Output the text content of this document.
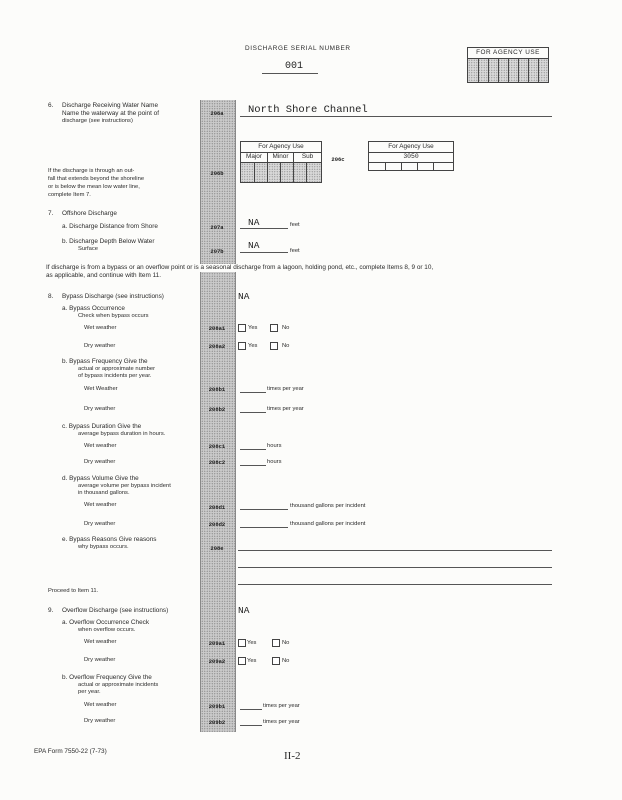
DISCHARGE SERIAL NUMBER
001
FOR AGENCY USE
6. Discharge Receiving Water Name
Name the waterway at the point of
discharge (see instructions)
206a	North Shore Channel
For Agency Use
Major	Minor	Sub	206c
For Agency Use
3050
206b
If the discharge is through an out-
fall that extends beyond the shoreline
or is below the mean low water line,
complete Item 7.
7. Offshore Discharge
a. Discharge Distance from Shore	207a	NA	feet
b. Discharge Depth Below Water
Surface	207b
NA	feet
If discharge is from a bypass or an overflow point or is a seasonal discharge from a lagoon, holding pond, etc., complete Items 8, 9 or 10,
as applicable, and continue with Item 11.
8. Bypass Discharge (see instructions)	NA
a. Bypass Occurrence
Check when bypass occurs
Wet weather	208a1	Yes	No
Dry weather	208a2	Yes	No
b. Bypass Frequency Give the
actual or approximate number
of bypass incidents per year.
Wet Weather	208b1	times per year
Dry weather	208b2	times per year
c. Bypass Duration Give the
average bypass duration in hours.
Wet weather	208c1	hours
Dry weather	208c2	hours
d. Bypass Volume Give the
average volume per bypass incident
in thousand gallons.
Wet weather	208d1	thousand gallons per incident
Dry weather	208d2	thousand gallons per incident
e. Bypass Reasons Give reasons
why bypass occurs.	208e
Proceed to Item 11.
9. Overflow Discharge (see instructions)	NA
a. Overflow Occurrence Check
when overflow occurs.
Wet weather	209a1	Yes	No
Dry weather	209a2	Yes	No
b. Overflow Frequency Give the
actual or approximate incidents
per year.
Wet weather	209b1	times per year
Dry weather	209b2	times per year
EPA Form 7550-22 (7-73)	II-2
